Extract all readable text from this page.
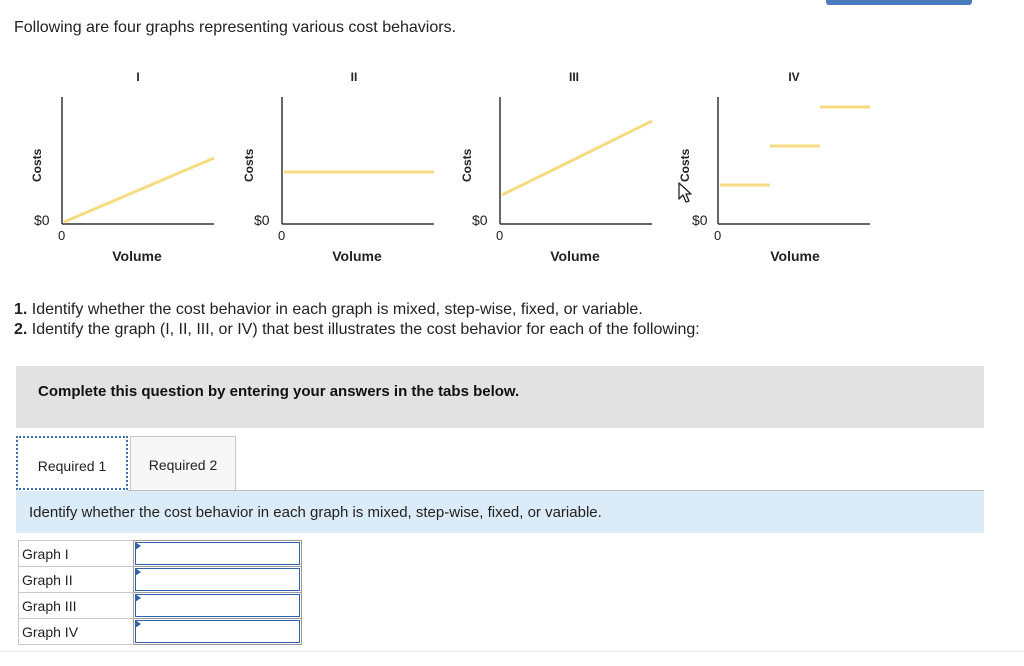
Following are four graphs representing various cost behaviors.
I
Costs
$0
0
Volume
II
Costs
$0
0
Volume
III
Costs
$0
0
Volume
IV
Costs
$0
0
Volume
1. Identify whether the cost behavior in each graph is mixed, step-wise, fixed, or variable.
2. Identify the graph (I, II, III, or IV) that best illustrates the cost behavior for each of the following:
Complete this question by entering your answers in the tabs below.
Required 1	Required 2
Identify whether the cost behavior in each graph is mixed, step-wise, fixed, or variable.
Graph I	

Graph II	

Graph III	

Graph IV	
